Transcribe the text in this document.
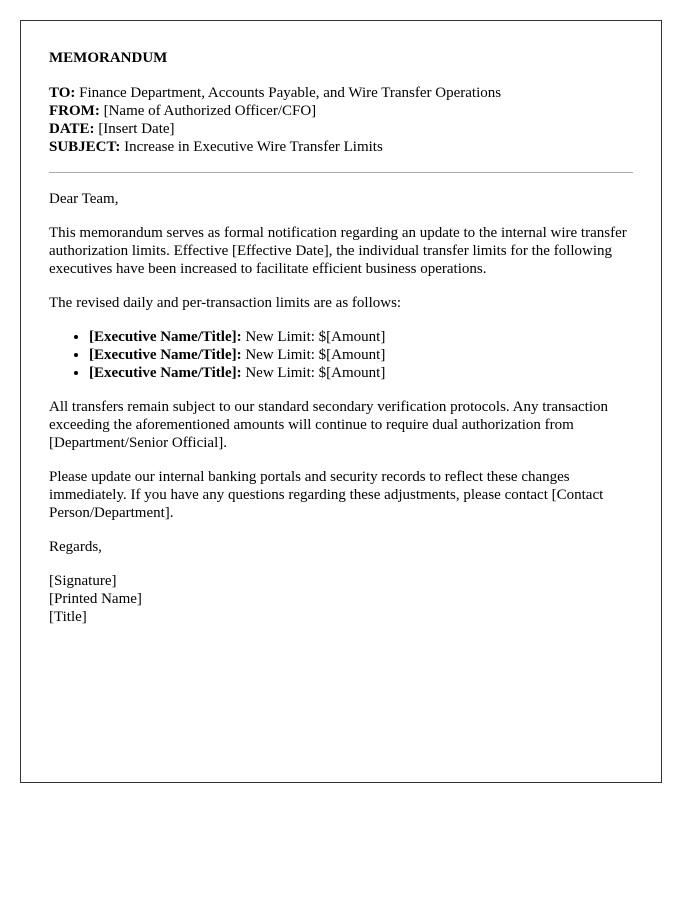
MEMORANDUM
TO: Finance Department, Accounts Payable, and Wire Transfer Operations
FROM: [Name of Authorized Officer/CFO]
DATE: [Insert Date]
SUBJECT: Increase in Executive Wire Transfer Limits

Dear Team,

This memorandum serves as formal notification regarding an update to the internal wire transfer authorization limits. Effective [Effective Date], the individual transfer limits for the following executives have been increased to facilitate efficient business operations.

The revised daily and per-transaction limits are as follows:

• [Executive Name/Title]: New Limit: $[Amount]
• [Executive Name/Title]: New Limit: $[Amount]
• [Executive Name/Title]: New Limit: $[Amount]

All transfers remain subject to our standard secondary verification protocols. Any transaction exceeding the aforementioned amounts will continue to require dual authorization from [Department/Senior Official].

Please update our internal banking portals and security records to reflect these changes immediately. If you have any questions regarding these adjustments, please contact [Contact Person/Department].

Regards,

[Signature]
[Printed Name]
[Title]
